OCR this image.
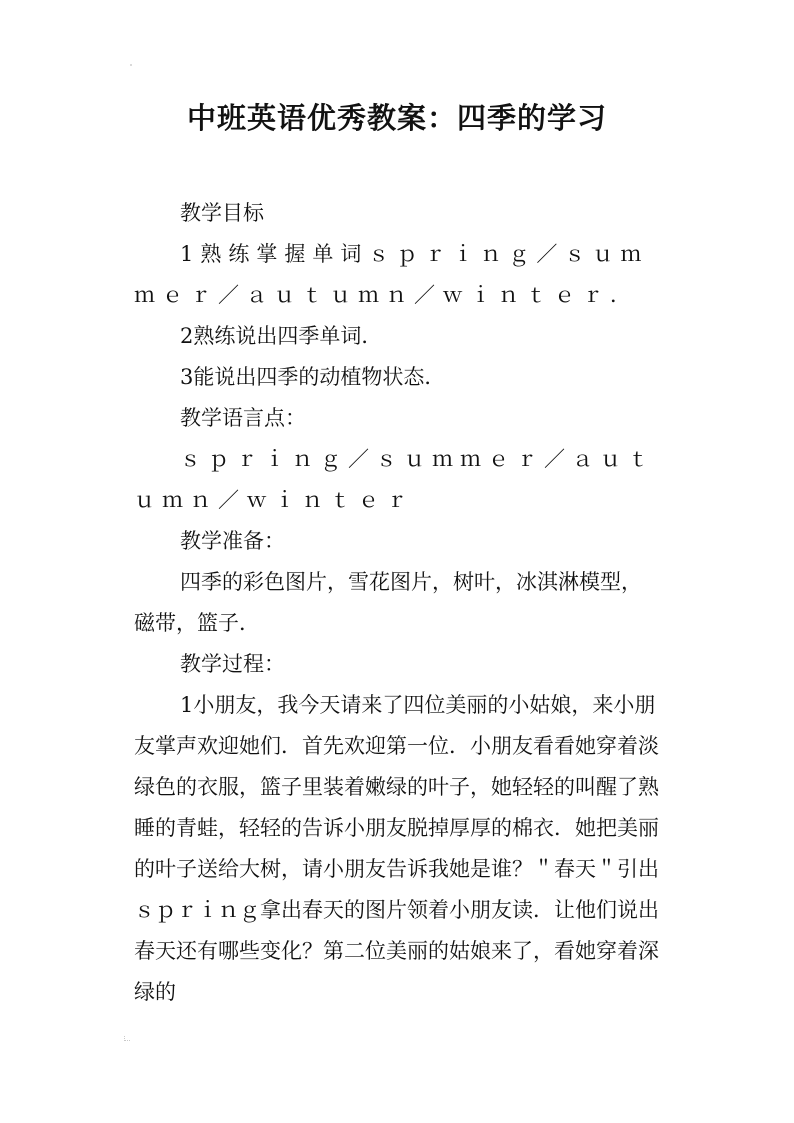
中班英语优秀教案：四季的学习

教学目标

1熟练掌握单词ｓｐｒｉｎｇ／ｓｕｍｍｅｒ／ａｕｔｕｍｎ／ｗｉｎｔｅｒ．

2熟练说出四季单词．

3能说出四季的动植物状态．

教学语言点：

ｓｐｒｉｎｇ／ｓｕｍｍｅｒ／ａｕｔｕｍｎ／ｗｉｎｔｅｒ

教学准备：

四季的彩色图片，雪花图片，树叶，冰淇淋模型，磁带，篮子．

教学过程：

1小朋友，我今天请来了四位美丽的小姑娘，来小朋友掌声欢迎她们．首先欢迎第一位．小朋友看看她穿着淡绿色的衣服，篮子里装着嫩绿的叶子，她轻轻的叫醒了熟睡的青蛙，轻轻的告诉小朋友脱掉厚厚的棉衣．她把美丽的叶子送给大树，请小朋友告诉我她是谁？＂春天＂引出ｓｐｒｉｎｇ拿出春天的图片领着小朋友读．让他们说出春天还有哪些变化？第二位美丽的姑娘来了，看她穿着深绿的
